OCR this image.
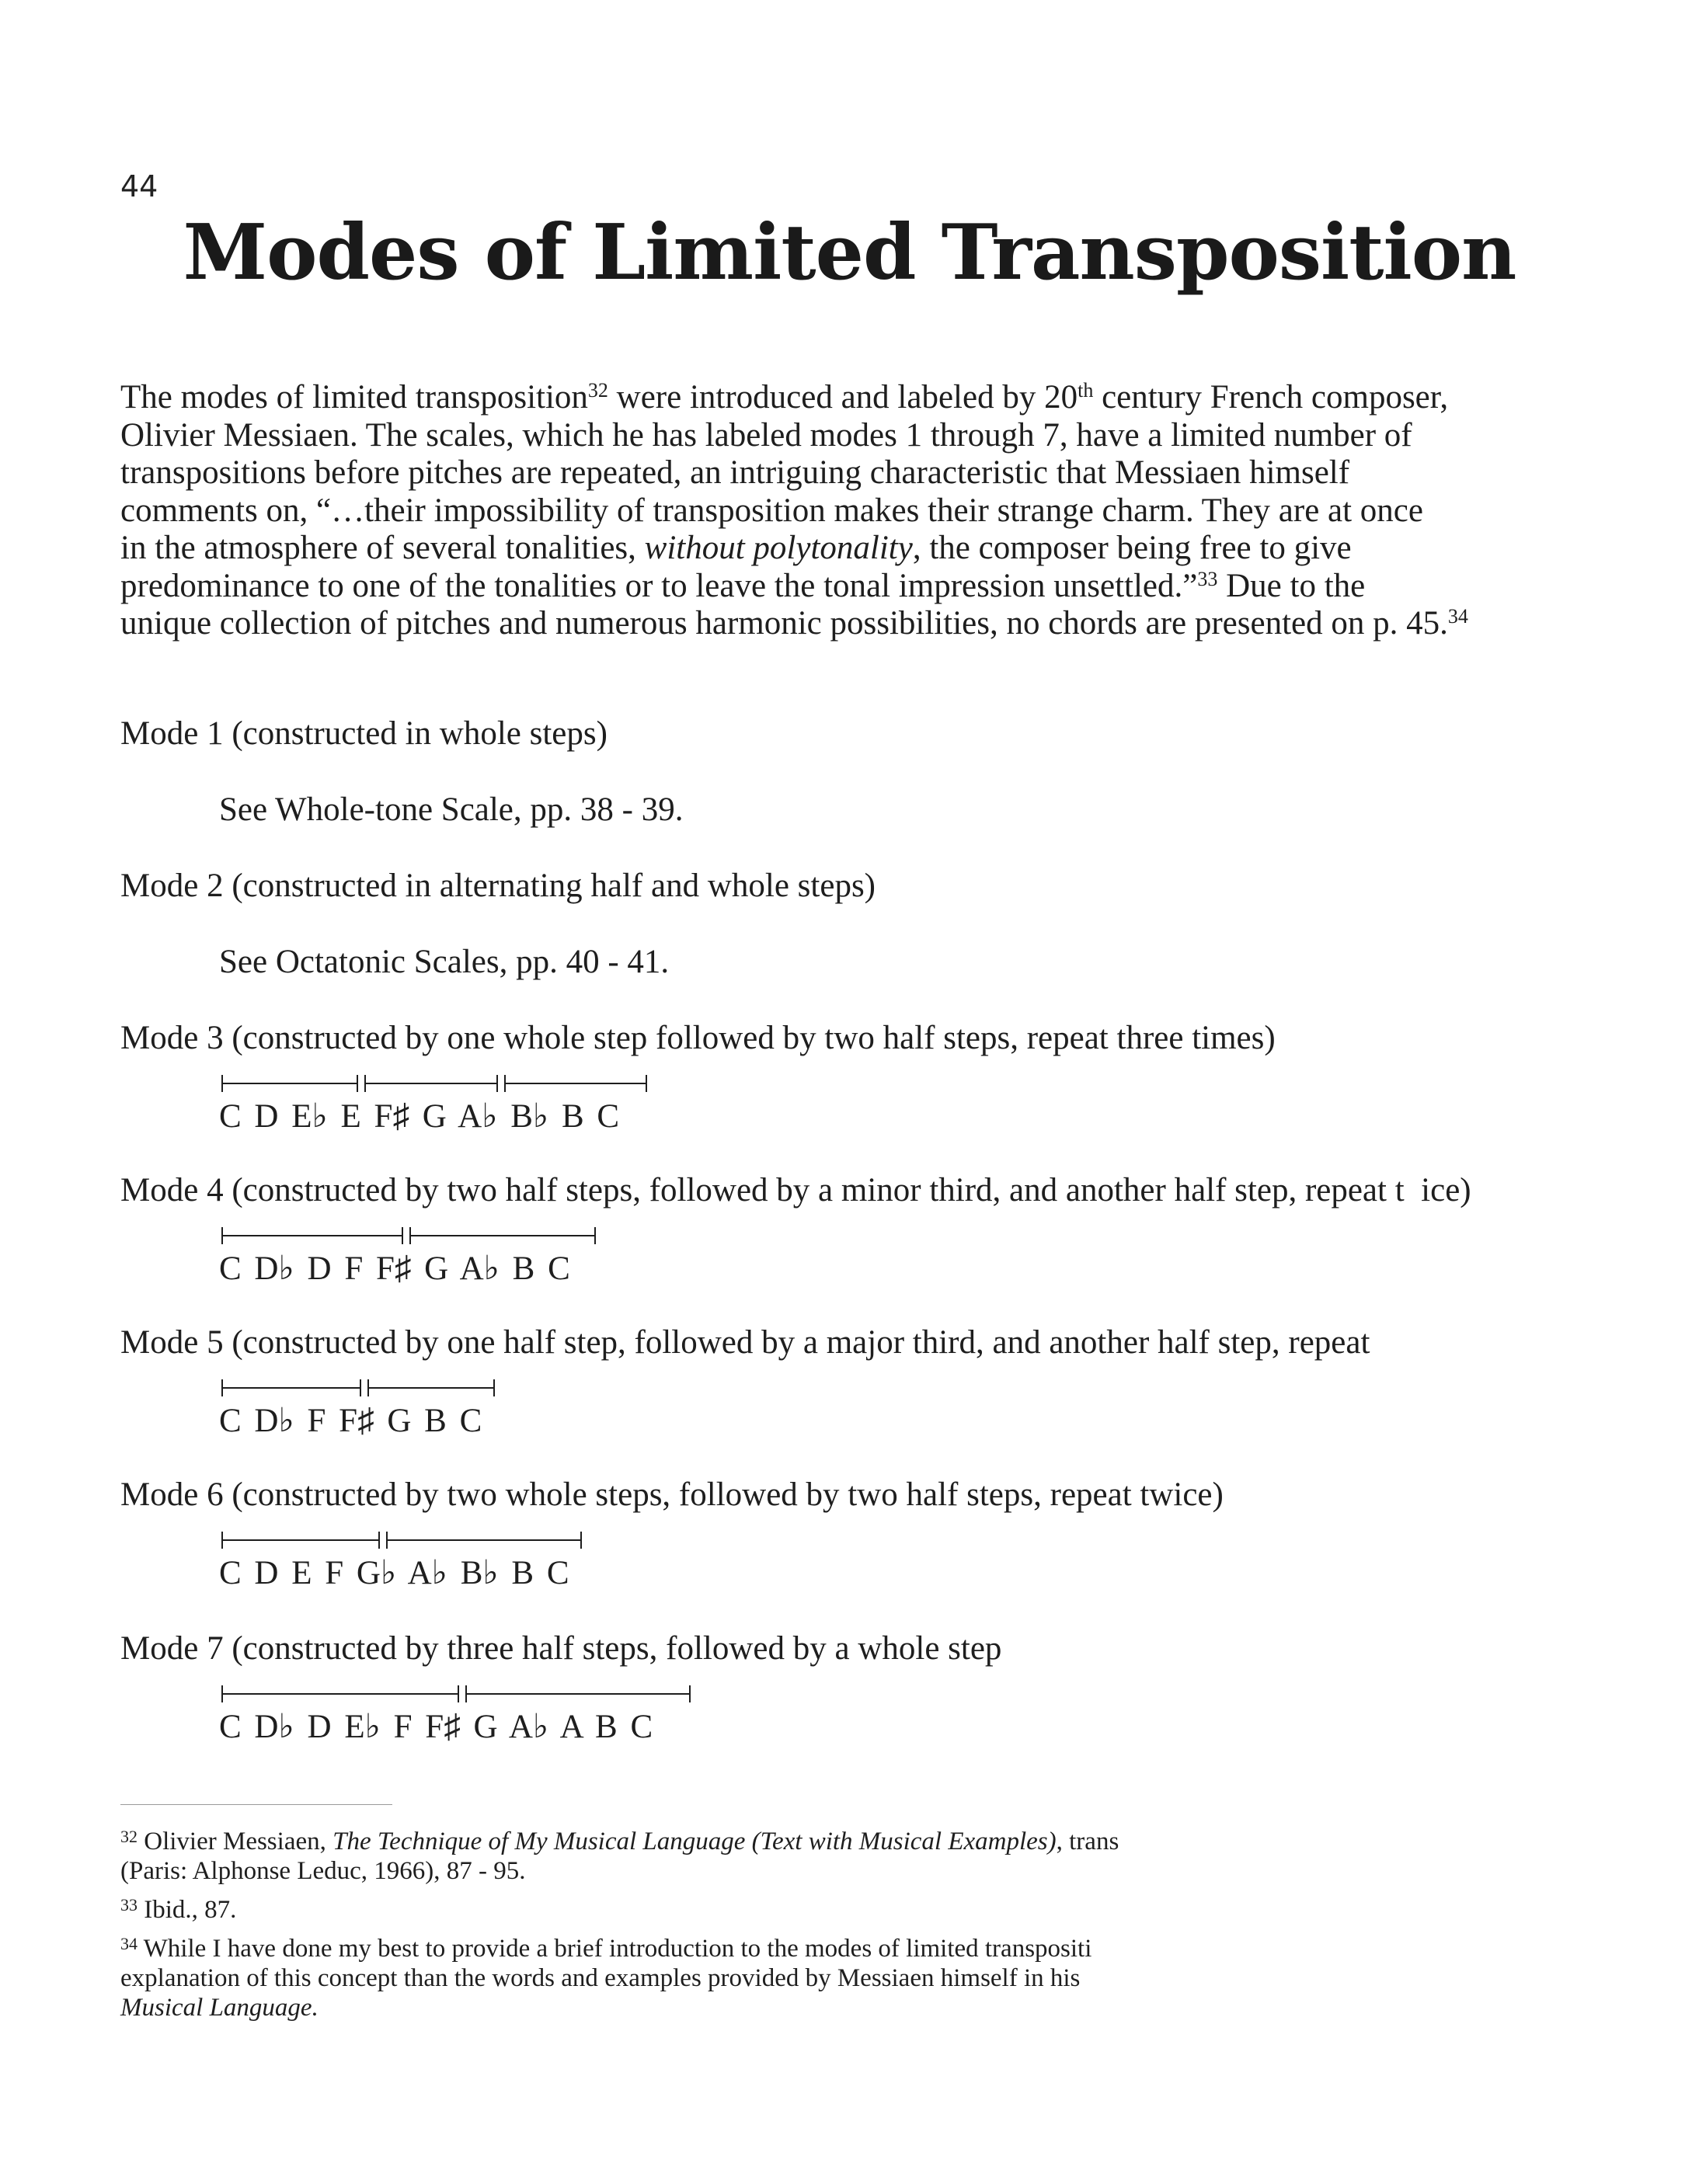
44
Modes of Limited Transposition
The modes of limited transposition$^{32}$ were introduced and labeled by 20th century French composer,
Olivier Messiaen. The scales, which he has labeled modes 1 through 7, have a limited number of
transpositions before pitches are repeated, an intriguing characteristic that Messiaen himself
comments on, “…their impossibility of transposition makes their strange charm. They are at once
in the atmosphere of several tonalities, without polytonality, the composer being free to give
predominance to one of the tonalities or to leave the tonal impression unsettled.”$^{33}$ Due to the
unique collection of pitches and numerous harmonic possibilities, no chords are presented on p. 45.34
Mode 1 (constructed in whole steps)
See Whole-tone Scale, pp. 38 - 39.
Mode 2 (constructed in alternating half and whole steps)
See Octatonic Scales, pp. 40 - 41.
Mode 3 (constructed by one whole step followed by two half steps, repeat three times)
C D E♭ E F♯ G A♭ B♭ B C
Mode 4 (constructed by two half steps, followed by a minor third, and another half step, repeat t  ice)
C D♭ D F F♯ G A♭ B C
Mode 5 (constructed by one half step, followed by a major third, and another half step, repeat
C D♭ F F♯ G B C
Mode 6 (constructed by two whole steps, followed by two half steps, repeat twice)
C D E F G♭ A♭ B♭ B C
Mode 7 (constructed by three half steps, followed by a whole step
C D♭ D E♭ F F♯ G A♭ A B C
$^{32}$ Olivier Messiaen, The Technique of My Musical Language (Text with Musical Examples), trans
(Paris: Alphonse Leduc, 1966), 87 - 95.
$^{33}$ Ibid., 87.
$^{34}$ While I have done my best to provide a brief introduction to the modes of limited transpositi
explanation of this concept than the words and examples provided by Messiaen himself in his
Musical Language.
